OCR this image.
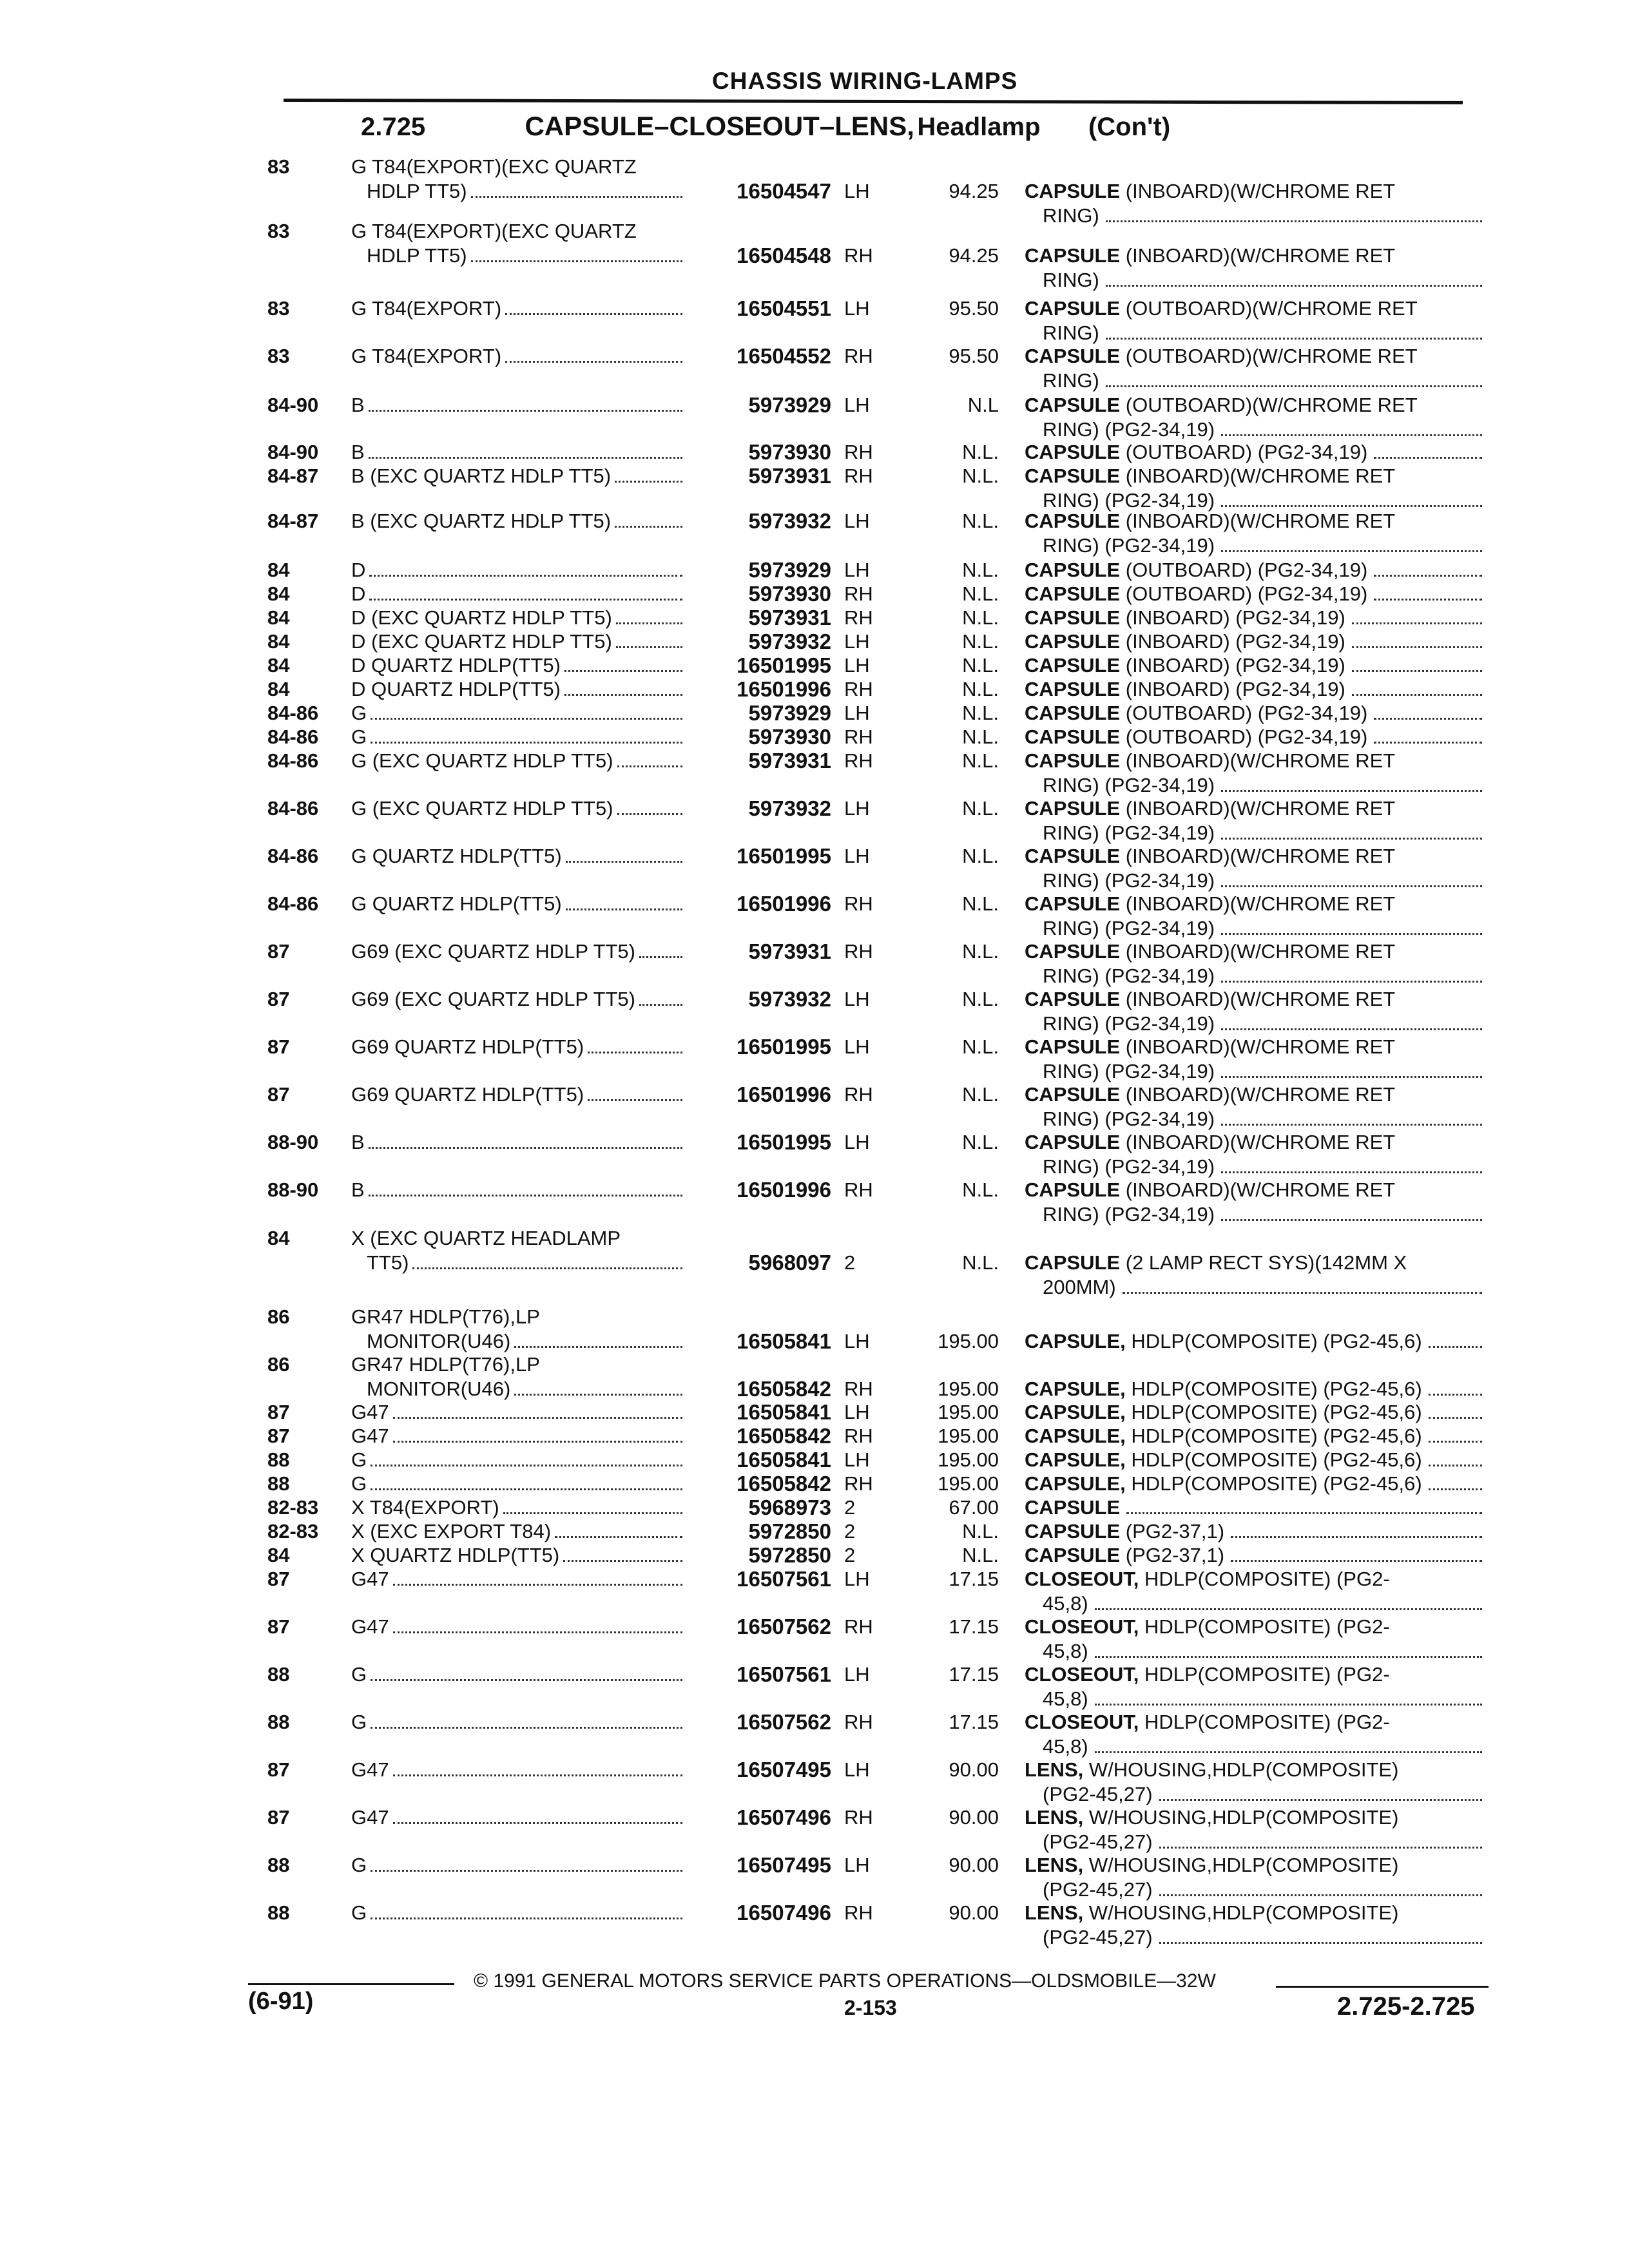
CHASSIS WIRING-LAMPS
2.725	CAPSULE–CLOSEOUT–LENS, Headlamp (Con't)
83	G T84(EXPORT)(EXC QUARTZ
HDLP TT5)	16504547 LH	94.25 CAPSULE (INBOARD)(W/CHROME RET
RING)
83	G T84(EXPORT)(EXC QUARTZ
HDLP TT5)	16504548 RH	94.25 CAPSULE (INBOARD)(W/CHROME RET
RING)
83	G T84(EXPORT)	16504551 LH	95.50 CAPSULE (OUTBOARD)(W/CHROME RET
RING)
83	G T84(EXPORT)	16504552 RH	95.50 CAPSULE (OUTBOARD)(W/CHROME RET
RING)
84-90	B	5973929 LH	N.L CAPSULE (OUTBOARD)(W/CHROME RET
RING) (PG2-34,19)
84-90	B	5973930 RH	N.L. CAPSULE (OUTBOARD) (PG2-34,19)
84-87	B (EXC QUARTZ HDLP TT5)	5973931 RH	N.L. CAPSULE (INBOARD)(W/CHROME RET
RING) (PG2-34,19)
84-87	B (EXC QUARTZ HDLP TT5)	5973932 LH	N.L. CAPSULE (INBOARD)(W/CHROME RET
RING) (PG2-34,19)
84	D	5973929 LH	N.L. CAPSULE (OUTBOARD) (PG2-34,19)
84	D	5973930 RH	N.L. CAPSULE (OUTBOARD) (PG2-34,19)
84	D (EXC QUARTZ HDLP TT5)	5973931 RH	N.L. CAPSULE (INBOARD) (PG2-34,19)
84	D (EXC QUARTZ HDLP TT5)	5973932 LH	N.L. CAPSULE (INBOARD) (PG2-34,19)
84	D QUARTZ HDLP(TT5)	16501995 LH	N.L. CAPSULE (INBOARD) (PG2-34,19)
84	D QUARTZ HDLP(TT5)	16501996 RH	N.L. CAPSULE (INBOARD) (PG2-34,19)
84-86	G	5973929 LH	N.L. CAPSULE (OUTBOARD) (PG2-34,19)
84-86	G	5973930 RH	N.L. CAPSULE (OUTBOARD) (PG2-34,19)
84-86	G (EXC QUARTZ HDLP TT5)	5973931 RH	N.L. CAPSULE (INBOARD)(W/CHROME RET
RING) (PG2-34,19)
84-86	G (EXC QUARTZ HDLP TT5)	5973932 LH	N.L. CAPSULE (INBOARD)(W/CHROME RET
RING) (PG2-34,19)
84-86	G QUARTZ HDLP(TT5)	16501995 LH	N.L. CAPSULE (INBOARD)(W/CHROME RET
RING) (PG2-34,19)
84-86	G QUARTZ HDLP(TT5)	16501996 RH	N.L. CAPSULE (INBOARD)(W/CHROME RET
RING) (PG2-34,19)
87	G69 (EXC QUARTZ HDLP TT5)	5973931 RH	N.L. CAPSULE (INBOARD)(W/CHROME RET
RING) (PG2-34,19)
87	G69 (EXC QUARTZ HDLP TT5)	5973932 LH	N.L. CAPSULE (INBOARD)(W/CHROME RET
RING) (PG2-34,19)
87	G69 QUARTZ HDLP(TT5)	16501995 LH	N.L. CAPSULE (INBOARD)(W/CHROME RET
RING) (PG2-34,19)
87	G69 QUARTZ HDLP(TT5)	16501996 RH	N.L. CAPSULE (INBOARD)(W/CHROME RET
RING) (PG2-34,19)
88-90	B	16501995 LH	N.L. CAPSULE (INBOARD)(W/CHROME RET
RING) (PG2-34,19)
88-90	B	16501996 RH	N.L. CAPSULE (INBOARD)(W/CHROME RET
RING) (PG2-34,19)
84	X (EXC QUARTZ HEADLAMP
TT5)	5968097 2	N.L. CAPSULE (2 LAMP RECT SYS)(142MM X
200MM)
86	GR47 HDLP(T76),LP
MONITOR(U46)	16505841 LH	195.00 CAPSULE, HDLP(COMPOSITE) (PG2-45,6)
86	GR47 HDLP(T76),LP
MONITOR(U46)	16505842 RH	195.00 CAPSULE, HDLP(COMPOSITE) (PG2-45,6)
87	G47	16505841 LH	195.00 CAPSULE, HDLP(COMPOSITE) (PG2-45,6)
87	G47	16505842 RH	195.00 CAPSULE, HDLP(COMPOSITE) (PG2-45,6)
88	G	16505841 LH	195.00 CAPSULE, HDLP(COMPOSITE) (PG2-45,6)
88	G	16505842 RH	195.00 CAPSULE, HDLP(COMPOSITE) (PG2-45,6)
82-83	X T84(EXPORT)	5968973 2	67.00 CAPSULE
82-83	X (EXC EXPORT T84)	5972850 2	N.L. CAPSULE (PG2-37,1)
84	X QUARTZ HDLP(TT5)	5972850 2	N.L. CAPSULE (PG2-37,1)
87	G47	16507561 LH	17.15 CLOSEOUT, HDLP(COMPOSITE) (PG2-
45,8)
87	G47	16507562 RH	17.15 CLOSEOUT, HDLP(COMPOSITE) (PG2-
45,8)
88	G	16507561 LH	17.15 CLOSEOUT, HDLP(COMPOSITE) (PG2-
45,8)
88	G	16507562 RH	17.15 CLOSEOUT, HDLP(COMPOSITE) (PG2-
45,8)
87	G47	16507495 LH	90.00 LENS, W/HOUSING,HDLP(COMPOSITE)
(PG2-45,27)
87	G47	16507496 RH	90.00 LENS, W/HOUSING,HDLP(COMPOSITE)
(PG2-45,27)
88	G	16507495 LH	90.00 LENS, W/HOUSING,HDLP(COMPOSITE)
(PG2-45,27)
88	G	16507496 RH	90.00 LENS, W/HOUSING,HDLP(COMPOSITE)
(PG2-45,27)
© 1991 GENERAL MOTORS SERVICE PARTS OPERATIONS—OLDSMOBILE—32W
(6-91)	2-153	2.725-2.725
